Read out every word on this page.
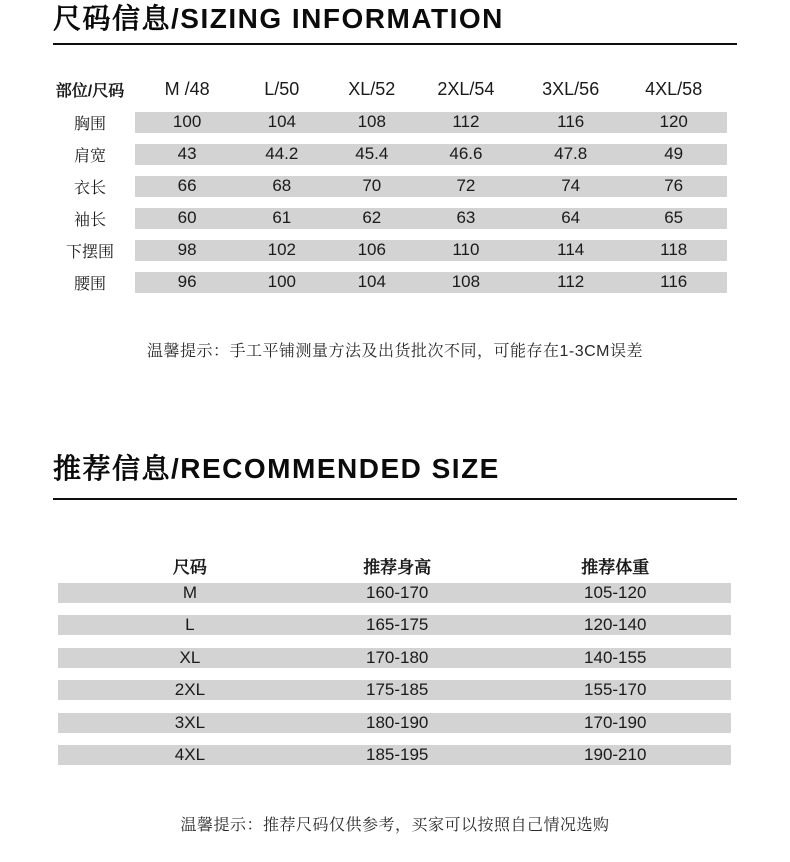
尺码信息/SIZING INFORMATION
部位/尺码	M /48	L/50	XL/52	2XL/54	3XL/56	4XL/58
胸围	100	104	108	112	116	120
肩宽	43	44.2	45.4	46.6	47.8	49
衣长	66	68	70	72	74	76
袖长	60	61	62	63	64	65
下摆围	98	102	106	110	114	118
腰围	96	100	104	108	112	116
温馨提示：手工平铺测量方法及出货批次不同，可能存在1-3CM误差
推荐信息/RECOMMENDED SIZE
尺码	推荐身高	推荐体重
M	160-170	105-120
L	165-175	120-140
XL	170-180	140-155
2XL	175-185	155-170
3XL	180-190	170-190
4XL	185-195	190-210
温馨提示：推荐尺码仅供参考，买家可以按照自己情况选购
